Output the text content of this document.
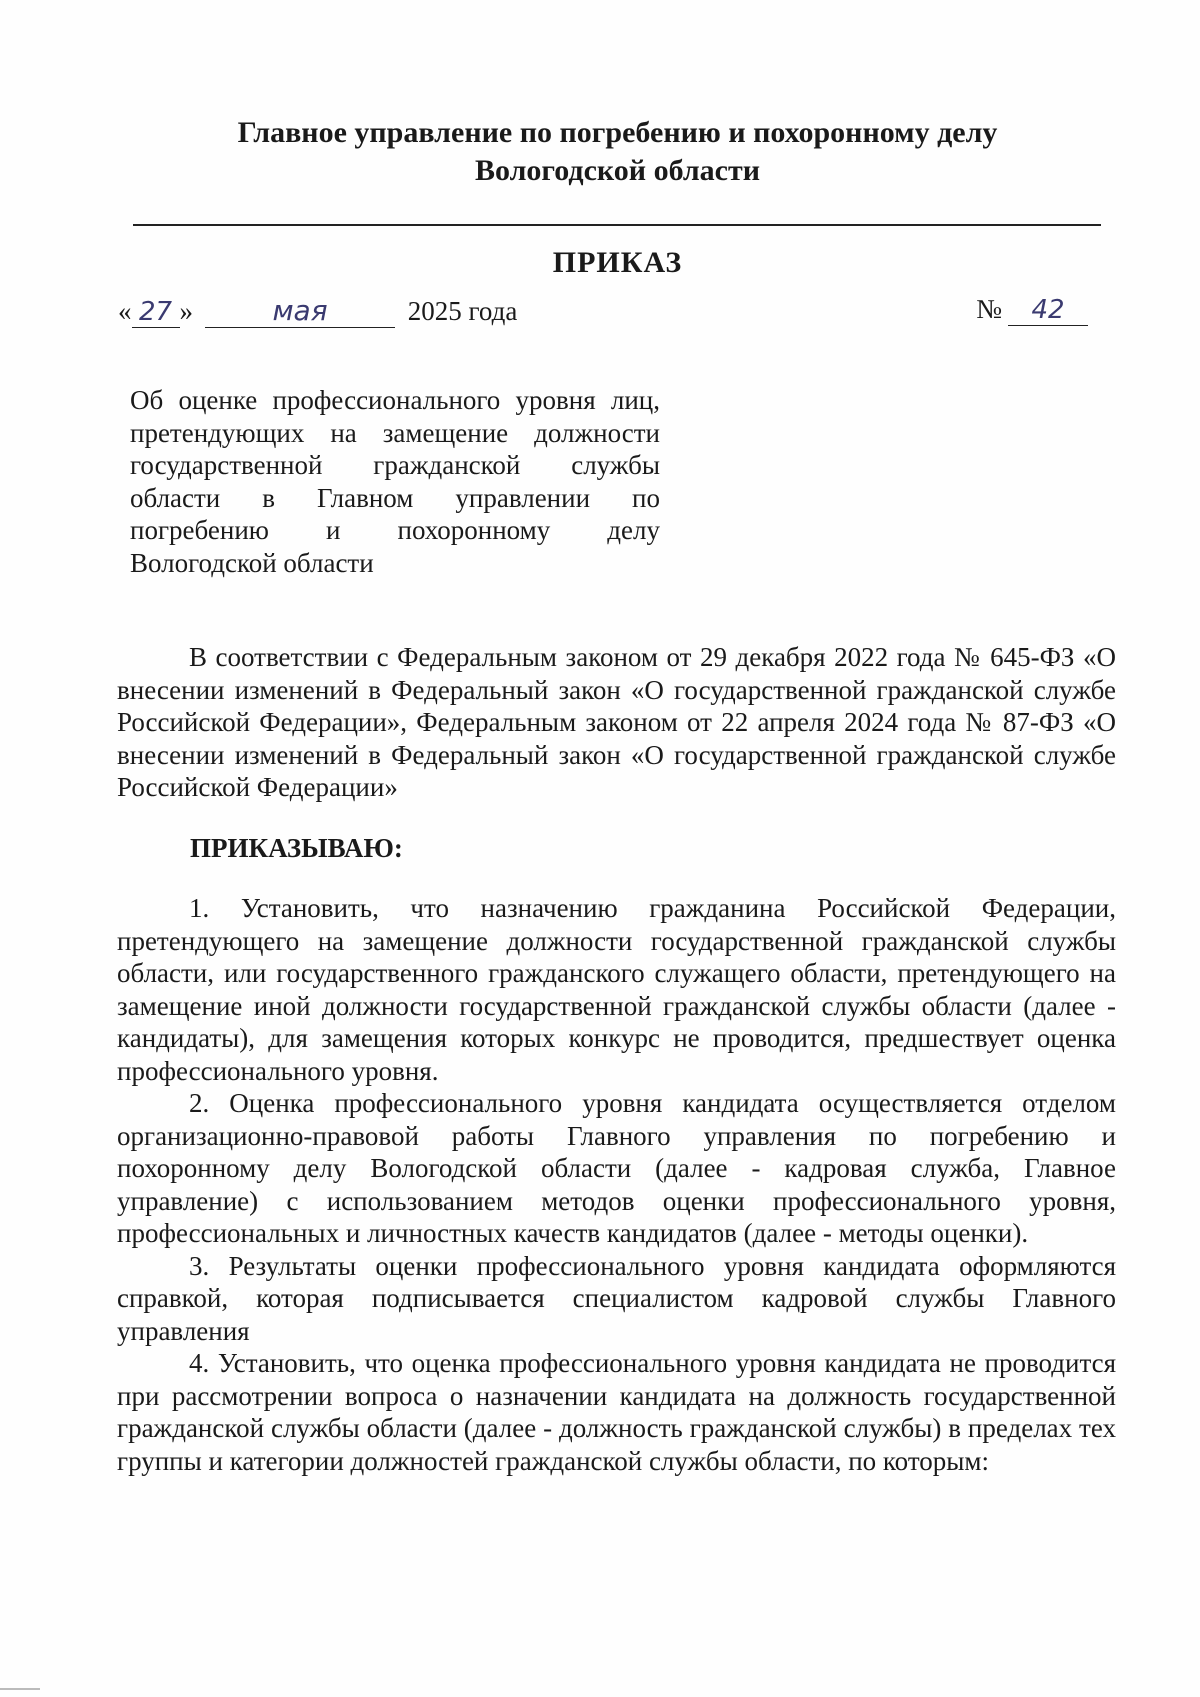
Главное управление по погребению и похоронному делу
Вологодской области
ПРИКАЗ
« 27 »	мая	2025 года	№ 42
Об оценке профессионального уровня лиц, претендующих на замещение должности государственной гражданской службы области в Главном управлении по погребению и похоронному делу Вологодской области

В соответствии с Федеральным законом от 29 декабря 2022 года № 645-ФЗ «О внесении изменений в Федеральный закон «О государственной гражданской службе Российской Федерации», Федеральным законом от 22 апреля 2024 года № 87-ФЗ «О внесении изменений в Федеральный закон «О государственной гражданской службе Российской Федерации»

ПРИКАЗЫВАЮ:

1. Установить, что назначению гражданина Российской Федерации, претендующего на замещение должности государственной гражданской службы области, или государственного гражданского служащего области, претендующего на замещение иной должности государственной гражданской службы области (далее - кандидаты), для замещения которых конкурс не проводится, предшествует оценка профессионального уровня.

2. Оценка профессионального уровня кандидата осуществляется отделом организационно-правовой работы Главного управления по погребению и похоронному делу Вологодской области (далее - кадровая служба, Главное управление) с использованием методов оценки профессионального уровня, профессиональных и личностных качеств кандидатов (далее - методы оценки).

3. Результаты оценки профессионального уровня кандидата оформляются справкой, которая подписывается специалистом кадровой службы Главного управления

4. Установить, что оценка профессионального уровня кандидата не проводится при рассмотрении вопроса о назначении кандидата на должность государственной гражданской службы области (далее - должность гражданской службы) в пределах тех группы и категории должностей гражданской службы области, по которым:
